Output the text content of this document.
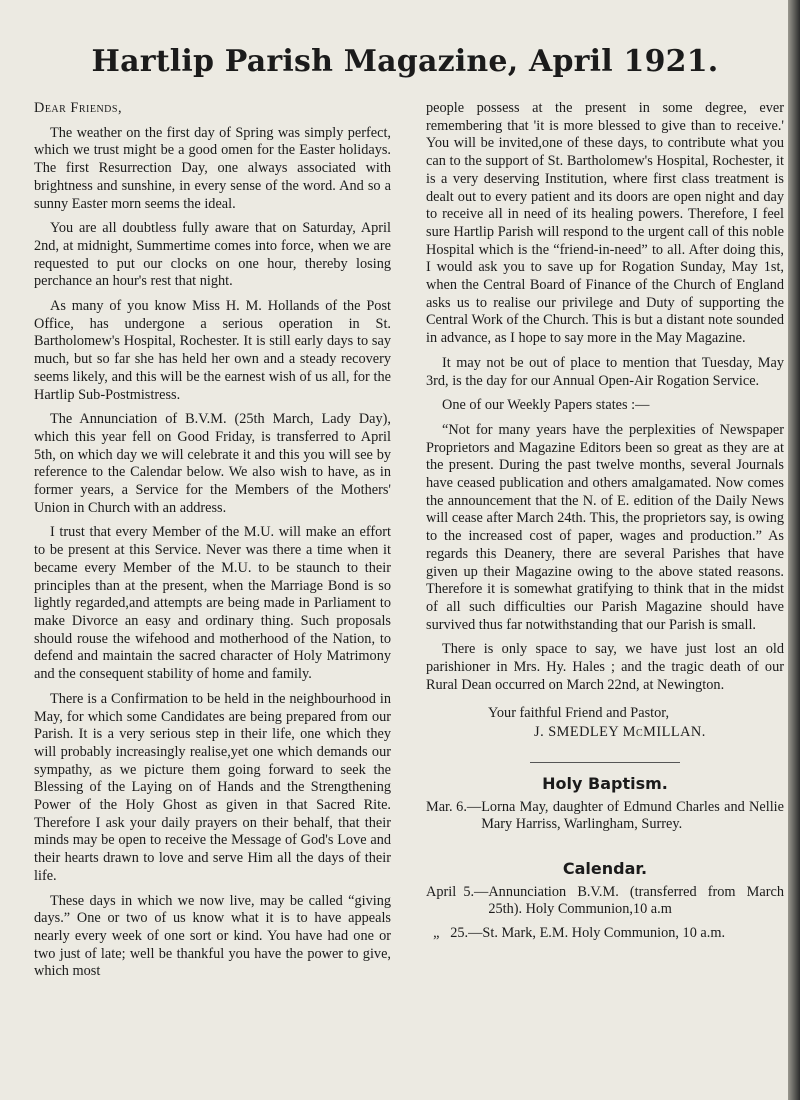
Hartlip Parish Magazine, April 1921.

Dear Friends,

The weather on the first day of Spring was simply perfect, which we trust might be a good omen for the Easter holidays. The first Resurrection Day, one always associated with brightness and sunshine, in every sense of the word. And so a sunny Easter morn seems the ideal.

You are all doubtless fully aware that on Saturday, April 2nd, at midnight, Summertime comes into force, when we are requested to put our clocks on one hour, thereby losing perchance an hour's rest that night.

As many of you know Miss H. M. Hollands of the Post Office, has undergone a serious operation in St. Bartholomew's Hospital, Rochester. It is still early days to say much, but so far she has held her own and a steady recovery seems likely, and this will be the earnest wish of us all, for the Hartlip Sub-Postmistress.

The Annunciation of B.V.M. (25th March, Lady Day), which this year fell on Good Friday, is transferred to April 5th, on which day we will celebrate it and this you will see by reference to the Calendar below. We also wish to have, as in former years, a Service for the Members of the Mothers' Union in Church with an address.

I trust that every Member of the M.U. will make an effort to be present at this Service. Never was there a time when it became every Member of the M.U. to be staunch to their principles than at the present, when the Marriage Bond is so lightly regarded,and attempts are being made in Parliament to make Divorce an easy and ordinary thing. Such proposals should rouse the wifehood and motherhood of the Nation, to defend and maintain the sacred character of Holy Matrimony and the consequent stability of home and family.

There is a Confirmation to be held in the neighbourhood in May, for which some Candidates are being prepared from our Parish. It is a very serious step in their life, one which they will probably increasingly realise,yet one which demands our sympathy, as we picture them going forward to seek the Blessing of the Laying on of Hands and the Strengthening Power of the Holy Ghost as given in that Sacred Rite. Therefore I ask your daily prayers on their behalf, that their minds may be open to receive the Message of God's Love and their hearts drawn to love and serve Him all the days of their life.

These days in which we now live, may be called “giving days.” One or two of us know what it is to have appeals nearly every week of one sort or kind. You have had one or two just of late; well be thankful you have the power to give, which most

people possess at the present in some degree, ever remembering that 'it is more blessed to give than to receive.' You will be invited,one of these days, to contribute what you can to the support of St. Bartholomew's Hospital, Rochester, it is a very deserving Institution, where first class treatment is dealt out to every patient and its doors are open night and day to receive all in need of its healing powers. Therefore, I feel sure Hartlip Parish will respond to the urgent call of this noble Hospital which is the “friend-in-need” to all. After doing this, I would ask you to save up for Rogation Sunday, May 1st, when the Central Board of Finance of the Church of England asks us to realise our privilege and Duty of supporting the Central Work of the Church. This is but a distant note sounded in advance, as I hope to say more in the May Magazine.

It may not be out of place to mention that Tuesday, May 3rd, is the day for our Annual Open-Air Rogation Service.

One of our Weekly Papers states :—

“Not for many years have the perplexities of Newspaper Proprietors and Magazine Editors been so great as they are at the present. During the past twelve months, several Journals have ceased publication and others amalgamated. Now comes the announcement that the N. of E. edition of the Daily News will cease after March 24th. This, the proprietors say, is owing to the increased cost of paper, wages and production.” As regards this Deanery, there are several Parishes that have given up their Magazine owing to the above stated reasons. Therefore it is somewhat gratifying to think that in the midst of all such difficulties our Parish Magazine should have survived thus far notwithstanding that our Parish is small.

There is only space to say, we have just lost an old parishioner in Mrs. Hy. Hales ; and the tragic death of our Rural Dean occurred on March 22nd, at Newington.

Your faithful Friend and Pastor,
J. SMEDLEY McMILLAN.
Holy Baptism.
Mar. 6.— Lorna May, daughter of Edmund Charles and Nellie Mary Harriss, Warlingham, Surrey.
Calendar.
April  5.— Annunciation B.V.M. (transferred from March 25th). Holy Communion,10 a.m
„   25.— St. Mark, E.M. Holy Communion, 10 a.m.
